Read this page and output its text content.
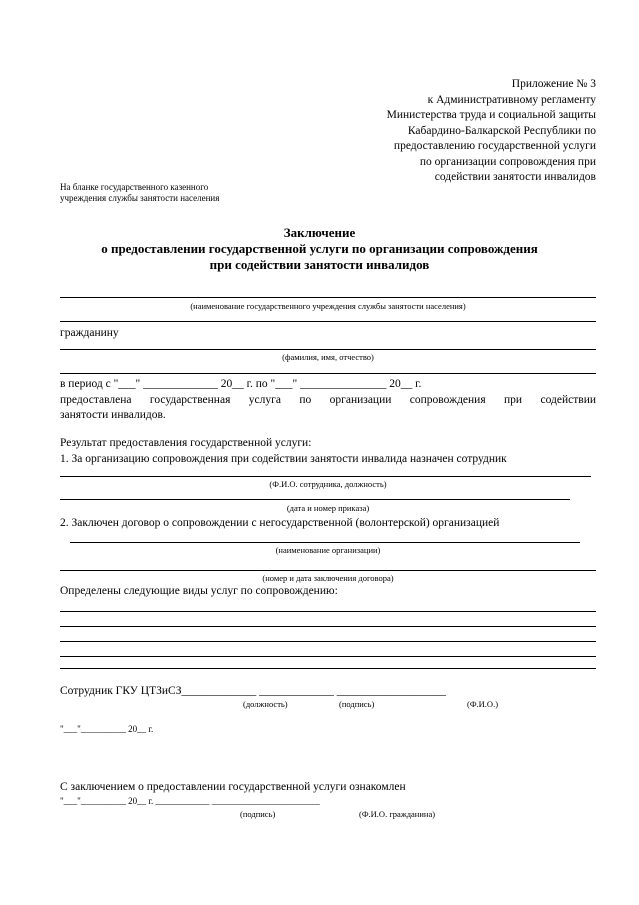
Приложение № 3
к Административному регламенту
Министерства труда и социальной защиты
Кабардино-Балкарской Республики по
предоставлению государственной услуги
по организации сопровождения при
содействии занятости инвалидов
На бланке государственного казенного
учреждения службы занятости населения
Заключение
о предоставлении государственной услуги по организации сопровождения
при содействии занятости инвалидов
(наименование государственного учреждения службы занятости населения)
гражданину
(фамилия, имя, отчество)
в период с "___" _____________ 20__ г. по "___" _______________ 20__ г.
предоставлена государственная услуга по организации сопровождения при содействии
занятости инвалидов.
Результат предоставления государственной услуги:
1. За организацию сопровождения при содействии занятости инвалида назначен сотрудник
(Ф.И.О. сотрудника, должность)
(дата и номер приказа)
2. Заключен договор о сопровождении с негосударственной (волонтерской) организацией
(наименование организации)
(номер и дата заключения договора)
Определены следующие виды услуг по сопровождению:
Сотрудник ГКУ ЦТЗиСЗ_____________ _____________ ___________________
(должность)	(подпись)	(Ф.И.О.)
"___"__________ 20__ г.
С заключением о предоставлении государственной услуги ознакомлен
"___"__________ 20__ г. ____________ ________________________
(подпись)	(Ф.И.О. гражданина)
